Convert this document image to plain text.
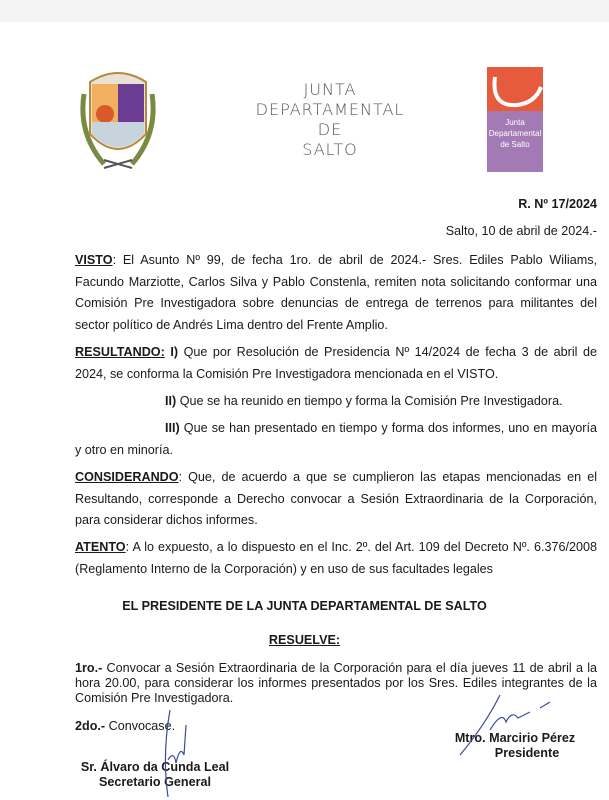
JUNTA
DEPARTAMENTAL
DE
SALTO
Junta
Departamental
de Salto
R. Nº 17/2024
Salto, 10 de abril de 2024.-
VISTO: El Asunto Nº 99, de fecha 1ro. de abril de 2024.- Sres. Ediles Pablo Wiliams, Facundo Marziotte, Carlos Silva y Pablo Constenla, remiten nota solicitando conformar una Comisión Pre Investigadora sobre denuncias de entrega de terrenos para militantes del sector político de Andrés Lima dentro del Frente Amplio.
RESULTANDO: I) Que por Resolución de Presidencia Nº 14/2024 de fecha 3 de abril de 2024, se conforma la Comisión Pre Investigadora mencionada en el VISTO.
II) Que se ha reunido en tiempo y forma la Comisión Pre Investigadora.
III) Que se han presentado en tiempo y forma dos informes, uno en mayoría y otro en minoría.
CONSIDERANDO: Que, de acuerdo a que se cumplieron las etapas mencionadas en el Resultando, corresponde a Derecho convocar a Sesión Extraordinaria de la Corporación, para considerar dichos informes.
ATENTO: A lo expuesto, a lo dispuesto en el Inc. 2º. del Art. 109 del Decreto Nº. 6.376/2008 (Reglamento Interno de la Corporación) y en uso de sus facultades legales
EL PRESIDENTE DE LA JUNTA DEPARTAMENTAL DE SALTO
RESUELVE:
1ro.- Convocar a Sesión Extraordinaria de la Corporación para el día jueves 11 de abril a la hora 20.00, para considerar los informes presentados por los Sres. Ediles integrantes de la Comisión Pre Investigadora.
2do.- Convocase.
Mtro. Marcirio Pérez
Presidente
Sr. Álvaro da Cunda Leal
Secretario General
